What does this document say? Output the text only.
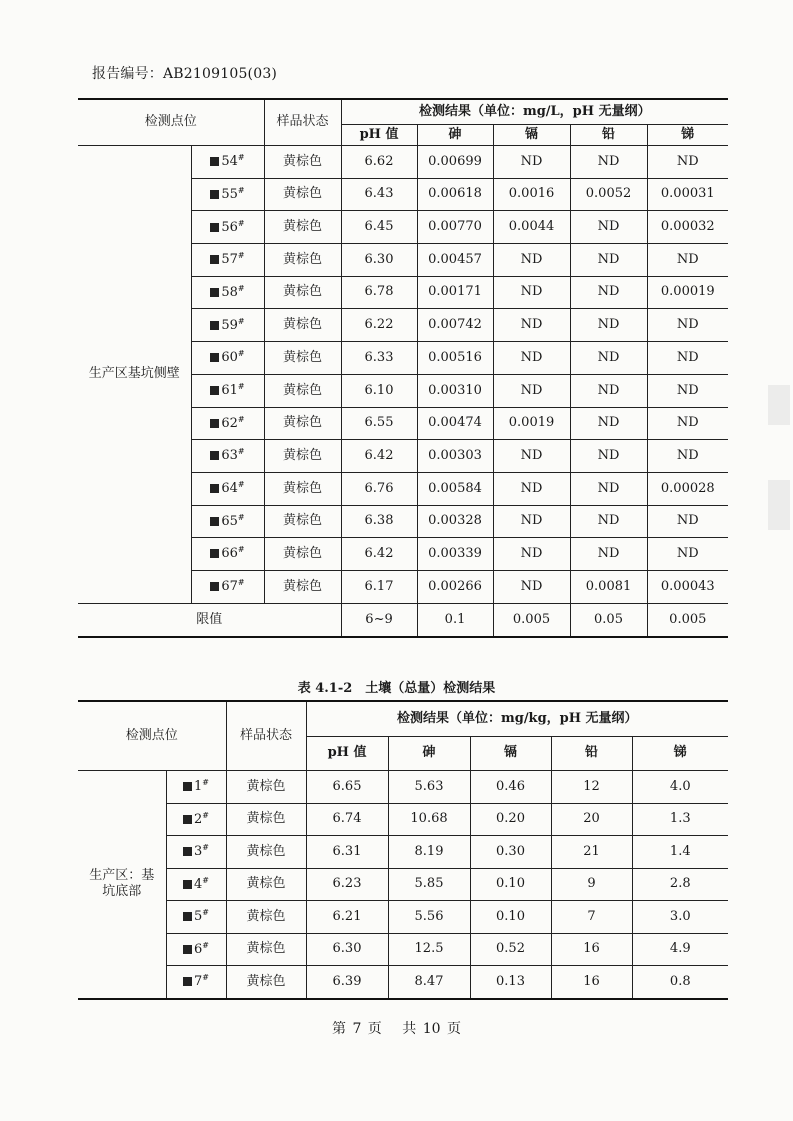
报告编号：AB2109105(03)
检测点位		样品状态	检测结果（单位：mg/L，pH 无量纲）				
			pH 值	砷	镉	铅	锑
生产区基坑侧壁	54#	黄棕色	6.62	0.00699	ND	ND	ND
	55#	黄棕色	6.43	0.00618	0.0016	0.0052	0.00031
	56#	黄棕色	6.45	0.00770	0.0044	ND	0.00032
	57#	黄棕色	6.30	0.00457	ND	ND	ND
	58#	黄棕色	6.78	0.00171	ND	ND	0.00019
	59#	黄棕色	6.22	0.00742	ND	ND	ND
	60#	黄棕色	6.33	0.00516	ND	ND	ND
	61#	黄棕色	6.10	0.00310	ND	ND	ND
	62#	黄棕色	6.55	0.00474	0.0019	ND	ND
	63#	黄棕色	6.42	0.00303	ND	ND	ND
	64#	黄棕色	6.76	0.00584	ND	ND	0.00028
	65#	黄棕色	6.38	0.00328	ND	ND	ND
	66#	黄棕色	6.42	0.00339	ND	ND	ND
	67#	黄棕色	6.17	0.00266	ND	0.0081	0.00043
限值			6~9	0.1	0.005	0.05	0.005
表 4.1-2　土壤（总量）检测结果
检测点位		样品状态	检测结果（单位：mg/kg，pH 无量纲）				
			pH 值	砷	镉	铅	锑
生产区：基坑底部	1#	黄棕色	6.65	5.63	0.46	12	4.0
	2#	黄棕色	6.74	10.68	0.20	20	1.3
	3#	黄棕色	6.31	8.19	0.30	21	1.4
	4#	黄棕色	6.23	5.85	0.10	9	2.8
	5#	黄棕色	6.21	5.56	0.10	7	3.0
	6#	黄棕色	6.30	12.5	0.52	16	4.9
	7#	黄棕色	6.39	8.47	0.13	16	0.8
第 7 页　 共 10 页
